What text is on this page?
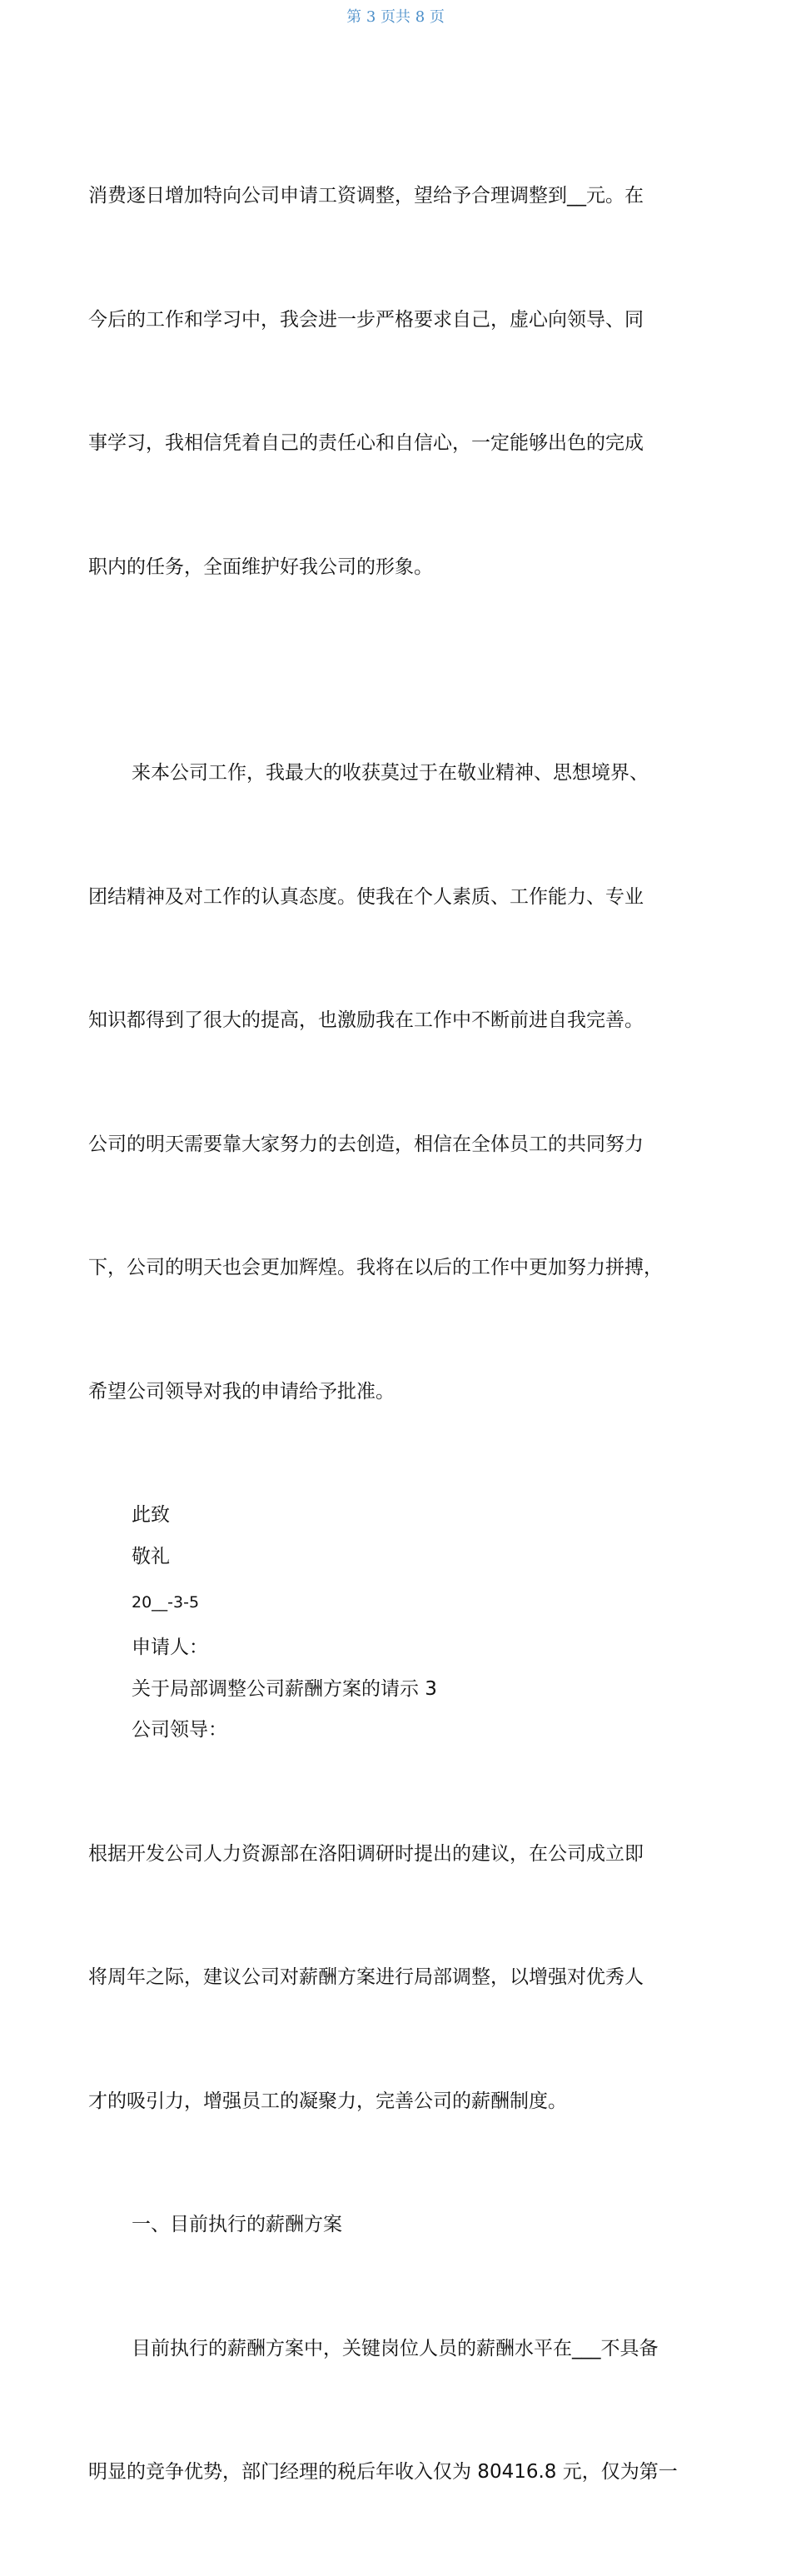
第 3 页共 8 页

消费逐日增加特向公司申请工资调整，望给予合理调整到__元。在

今后的工作和学习中，我会进一步严格要求自己，虚心向领导、同

事学习，我相信凭着自己的责任心和自信心，一定能够出色的完成

职内的任务，全面维护好我公司的形象。

来本公司工作，我最大的收获莫过于在敬业精神、思想境界、

团结精神及对工作的认真态度。使我在个人素质、工作能力、专业

知识都得到了很大的提高，也激励我在工作中不断前进自我完善。

公司的明天需要靠大家努力的去创造，相信在全体员工的共同努力

下，公司的明天也会更加辉煌。我将在以后的工作中更加努力拼搏，

希望公司领导对我的申请给予批准。

此致
敬礼
20__-3-5
申请人：
关于局部调整公司薪酬方案的请示 3
公司领导：

根据开发公司人力资源部在洛阳调研时提出的建议，在公司成立即

将周年之际，建议公司对薪酬方案进行局部调整，以增强对优秀人

才的吸引力，增强员工的凝聚力，完善公司的薪酬制度。

一、目前执行的薪酬方案

目前执行的薪酬方案中，关键岗位人员的薪酬水平在___不具备

明显的竞争优势，部门经理的税后年收入仅为 80416.8 元，仅为第一
